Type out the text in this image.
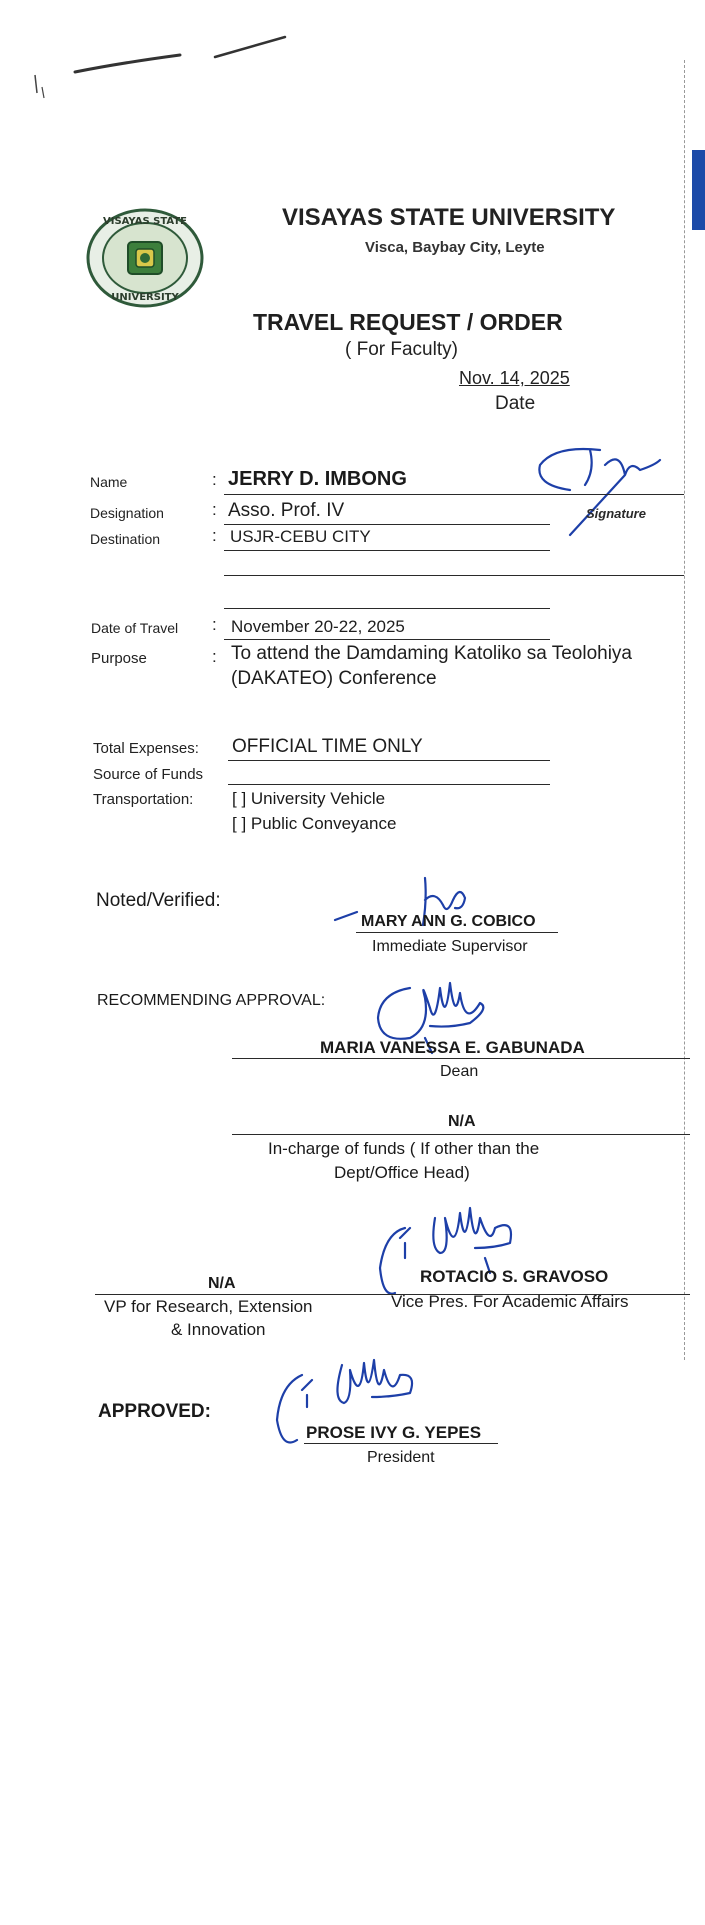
VISAYAS STATE
UNIVERSITY
VISAYAS STATE UNIVERSITY
Visca, Baybay City, Leyte
TRAVEL REQUEST / ORDER
( For Faculty)
Nov. 14, 2025
Date
Name	: JERRY D. IMBONG
Designation	: Asso. Prof. IV	Signature
Destination	: USJR-CEBU CITY
Date of Travel : November 20-22, 2025
Purpose	: To attend the Damdaming Katoliko sa Teolohiya
(DAKATEO) Conference
Total Expenses: OFFICIAL TIME ONLY
Source of Funds
Transportation: [ ] University Vehicle
[ ] Public Conveyance
Noted/Verified:
MARY ANN G. COBICO
Immediate Supervisor
RECOMMENDING APPROVAL:
MARIA VANESSA E. GABUNADA
Dean
N/A
In-charge of funds ( If other than the
Dept/Office Head)
N/A	ROTACIO S. GRAVOSO
VP for Research, Extension
& Innovation
Vice Pres. For Academic Affairs
APPROVED:
PROSE IVY G. YEPES
President
